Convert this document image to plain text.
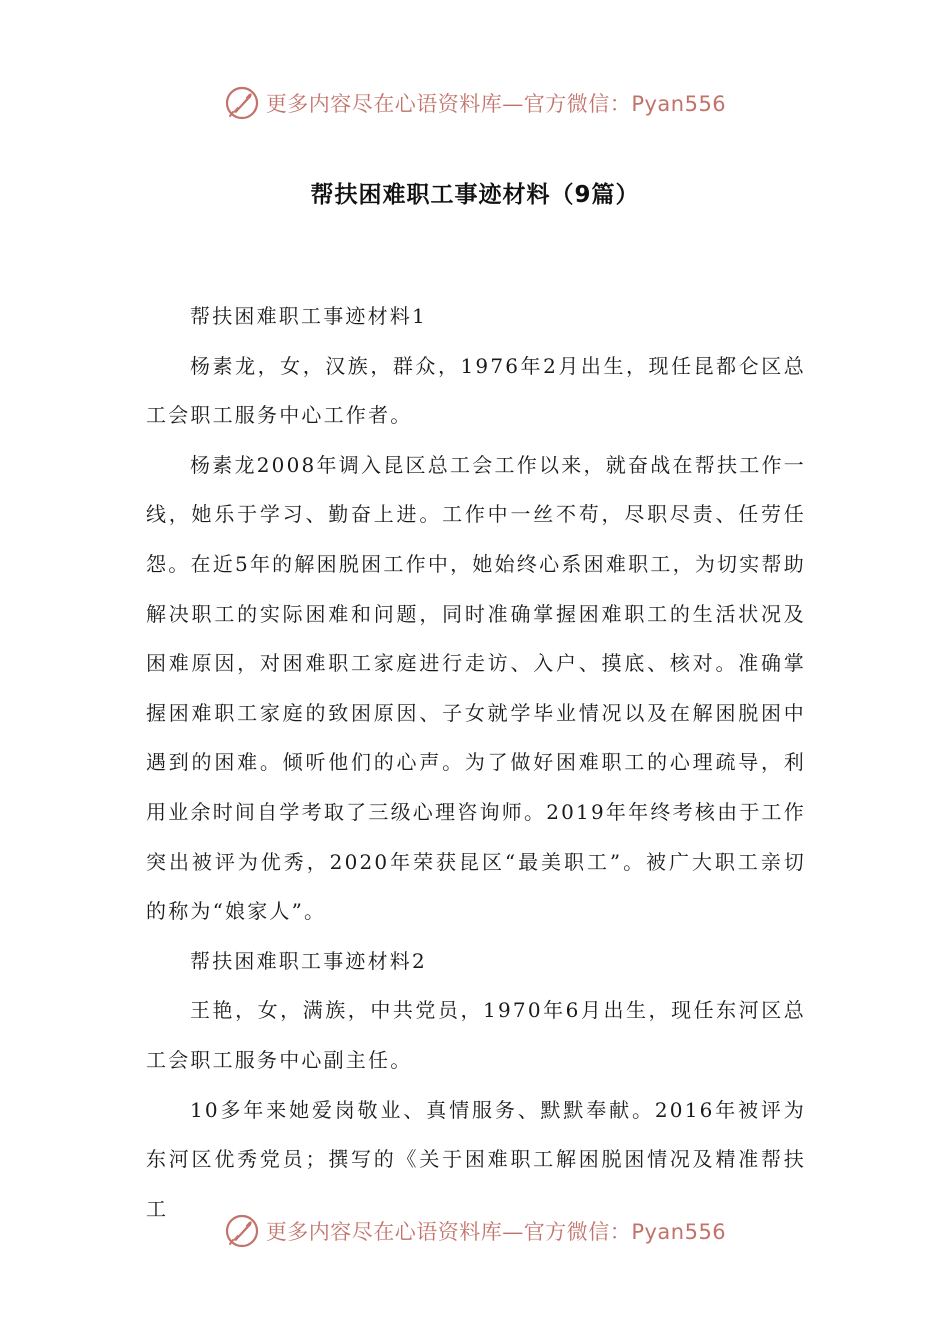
更多内容尽在心语资料库—官方微信：Pyan556
帮扶困难职工事迹材料（9篇）

帮扶困难职工事迹材料1

杨素龙，女，汉族，群众，1976年2月出生，现任昆都仑区总工会职工服务中心工作者。

杨素龙2008年调入昆区总工会工作以来，就奋战在帮扶工作一线，她乐于学习、勤奋上进。工作中一丝不苟，尽职尽责、任劳任怨。在近5年的解困脱困工作中，她始终心系困难职工，为切实帮助解决职工的实际困难和问题，同时准确掌握困难职工的生活状况及困难原因，对困难职工家庭进行走访、入户、摸底、核对。准确掌握困难职工家庭的致困原因、子女就学毕业情况以及在解困脱困中遇到的困难。倾听他们的心声。为了做好困难职工的心理疏导，利用业余时间自学考取了三级心理咨询师。2019年年终考核由于工作突出被评为优秀，2020年荣获昆区“最美职工”。被广大职工亲切的称为“娘家人”。

帮扶困难职工事迹材料2

王艳，女，满族，中共党员，1970年6月出生，现任东河区总工会职工服务中心副主任。

10多年来她爱岗敬业、真情服务、默默奉献。2016年被评为东河区优秀党员；撰写的《关于困难职工解困脱困情况及精准帮扶工

更多内容尽在心语资料库—官方微信：Pyan556
